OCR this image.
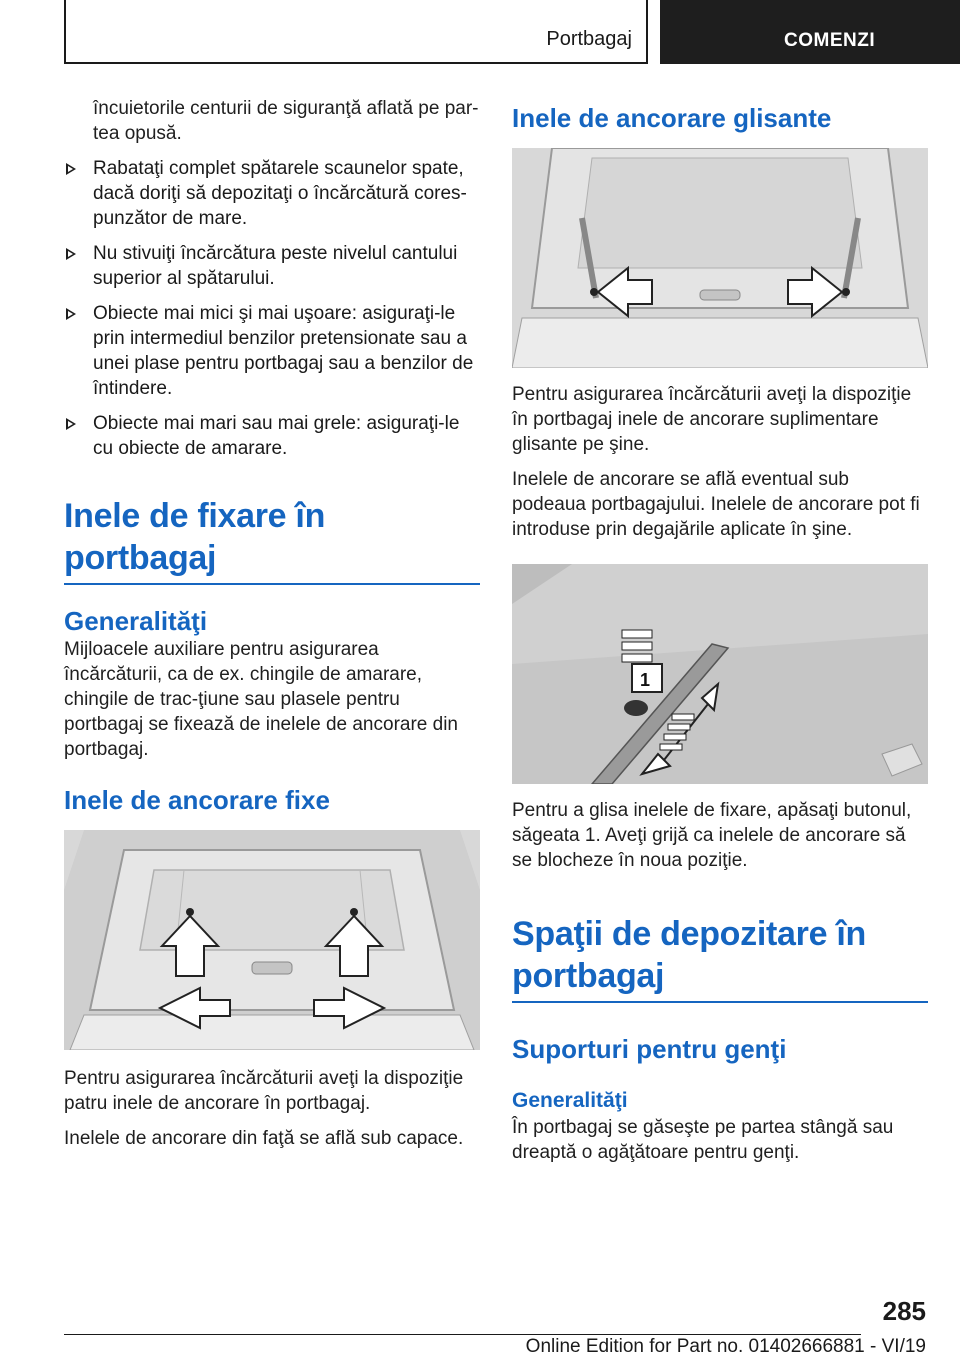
Portbagaj	COMENZI

încuietorile centurii de siguranţă aflată pe par-tea opusă.

Rabataţi complet spătarele scaunelor spate, dacă doriţi să depozitaţi o încărcătură cores-punzător de mare.
Nu stivuiţi încărcătura peste nivelul cantului superior al spătarului.
Obiecte mai mici şi mai uşoare: asiguraţi-le prin intermediul benzilor pretensionate sau a unei plase pentru portbagaj sau a benzilor de întindere.
Obiecte mai mari sau mai grele: asiguraţi-le cu obiecte de amarare.
Inele de fixare în portbagaj
Generalităţi

Mijloacele auxiliare pentru asigurarea încărcăturii, ca de ex. chingile de amarare, chingile de trac-ţiune sau plasele pentru portbagaj se fixează de inelele de ancorare din portbagaj.

Inele de ancorare fixe

Pentru asigurarea încărcăturii aveţi la dispoziţie patru inele de ancorare în portbagaj.

Inelele de ancorare din faţă se află sub capace.

Inele de ancorare glisante

Pentru asigurarea încărcăturii aveţi la dispoziţie în portbagaj inele de ancorare suplimentare glisante pe şine.

Inelele de ancorare se află eventual sub podeaua portbagajului. Inelele de ancorare pot fi introduse prin degajările aplicate în şine.

1

Pentru a glisa inelele de fixare, apăsaţi butonul, săgeata 1. Aveţi grijă ca inelele de ancorare să se blocheze în noua poziţie.

Spaţii de depozitare în portbagaj
Suporturi pentru genţi
Generalităţi

În portbagaj se găseşte pe partea stângă sau dreaptă o agăţătoare pentru genţi.

285
Online Edition for Part no. 01402666881 - VI/19
